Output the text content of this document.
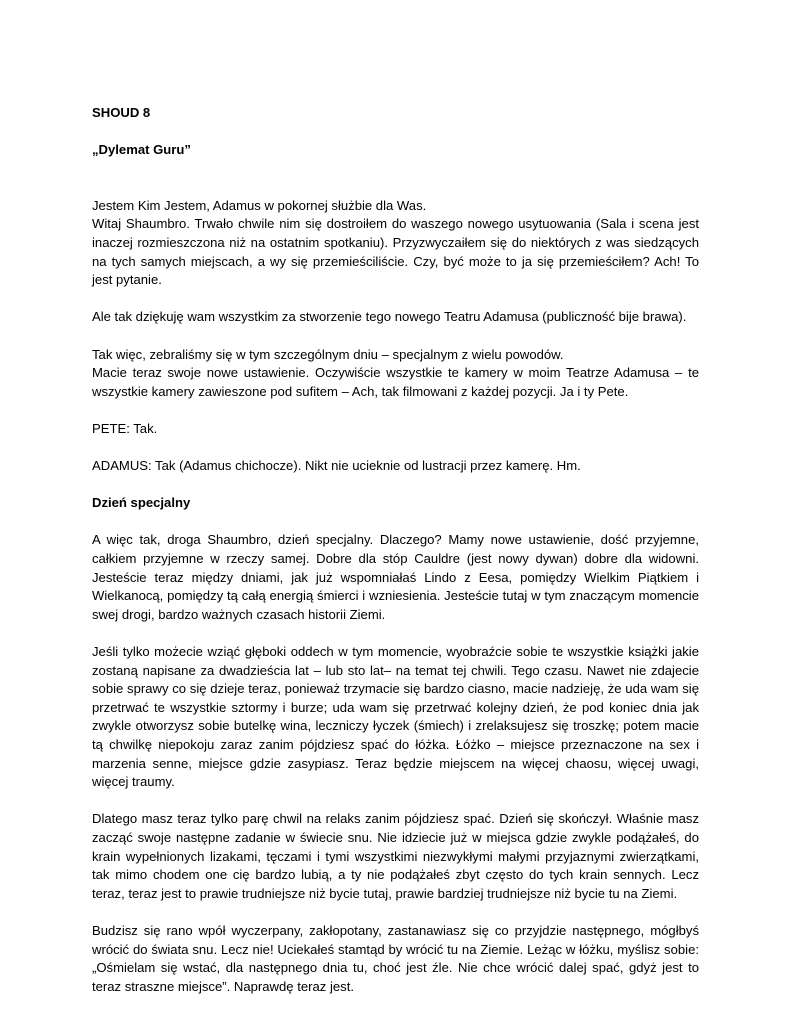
SHOUD 8

„Dylemat Guru”

Jestem Kim Jestem, Adamus w pokornej służbie dla Was.

Witaj Shaumbro. Trwało chwile nim się dostroiłem do waszego nowego usytuowania (Sala i scena jest inaczej rozmieszczona niż na ostatnim spotkaniu). Przyzwyczaiłem się do niektórych z was siedzących na tych samych miejscach, a wy się przemieściliście. Czy, być może to ja się przemieściłem? Ach! To jest pytanie.

Ale tak dziękuję wam wszystkim za stworzenie tego nowego Teatru Adamusa (publiczność bije brawa).

Tak więc, zebraliśmy się w tym szczególnym dniu – specjalnym z wielu powodów.

Macie teraz swoje nowe ustawienie. Oczywiście wszystkie te kamery w moim Teatrze Adamusa – te wszystkie kamery zawieszone pod sufitem – Ach, tak filmowani z każdej pozycji. Ja i ty Pete.

PETE: Tak.

ADAMUS: Tak (Adamus chichocze). Nikt nie ucieknie od lustracji przez kamerę. Hm.

Dzień specjalny

A więc tak, droga Shaumbro, dzień specjalny. Dlaczego? Mamy nowe ustawienie, dość przyjemne, całkiem przyjemne w rzeczy samej. Dobre dla stóp Cauldre (jest nowy dywan) dobre dla widowni. Jesteście teraz między dniami, jak już wspomniałaś Lindo z Eesa, pomiędzy Wielkim Piątkiem i Wielkanocą, pomiędzy tą całą energią śmierci i wzniesienia. Jesteście tutaj w tym znaczącym momencie swej drogi, bardzo ważnych czasach historii Ziemi.

Jeśli tylko możecie wziąć głęboki oddech w tym momencie, wyobraźcie sobie te wszystkie książki jakie zostaną napisane za dwadzieścia lat – lub sto lat– na temat tej chwili. Tego czasu. Nawet nie zdajecie sobie sprawy co się dzieje teraz, ponieważ trzymacie się bardzo ciasno, macie nadzieję, że uda wam się przetrwać te wszystkie sztormy i burze; uda wam się przetrwać kolejny dzień, że pod koniec dnia jak zwykle otworzysz sobie butelkę wina, leczniczy łyczek (śmiech) i zrelaksujesz się troszkę; potem macie tą chwilkę niepokoju zaraz zanim pójdziesz spać do łóżka. Łóżko – miejsce przeznaczone na sex i marzenia senne, miejsce gdzie zasypiasz. Teraz będzie miejscem na więcej chaosu, więcej uwagi, więcej traumy.

Dlatego masz teraz tylko parę chwil na relaks zanim pójdziesz spać. Dzień się skończył. Właśnie masz zacząć swoje następne zadanie w świecie snu. Nie idziecie już w miejsca gdzie zwykle podążałeś, do krain wypełnionych lizakami, tęczami i tymi wszystkimi niezwykłymi małymi przyjaznymi zwierzątkami, tak mimo chodem one cię bardzo lubią, a ty nie podążałeś zbyt często do tych krain sennych. Lecz teraz, teraz jest to prawie trudniejsze niż bycie tutaj, prawie bardziej trudniejsze niż bycie tu na Ziemi.

Budzisz się rano wpół wyczerpany, zakłopotany, zastanawiasz się co przyjdzie następnego, mógłbyś wrócić do świata snu. Lecz nie! Uciekałeś stamtąd by wrócić tu na Ziemie. Leżąc w łóżku, myślisz sobie: „Ośmielam się wstać, dla następnego dnia tu, choć jest źle. Nie chce wrócić dalej spać, gdyż jest to teraz straszne miejsce”. Naprawdę teraz jest.
